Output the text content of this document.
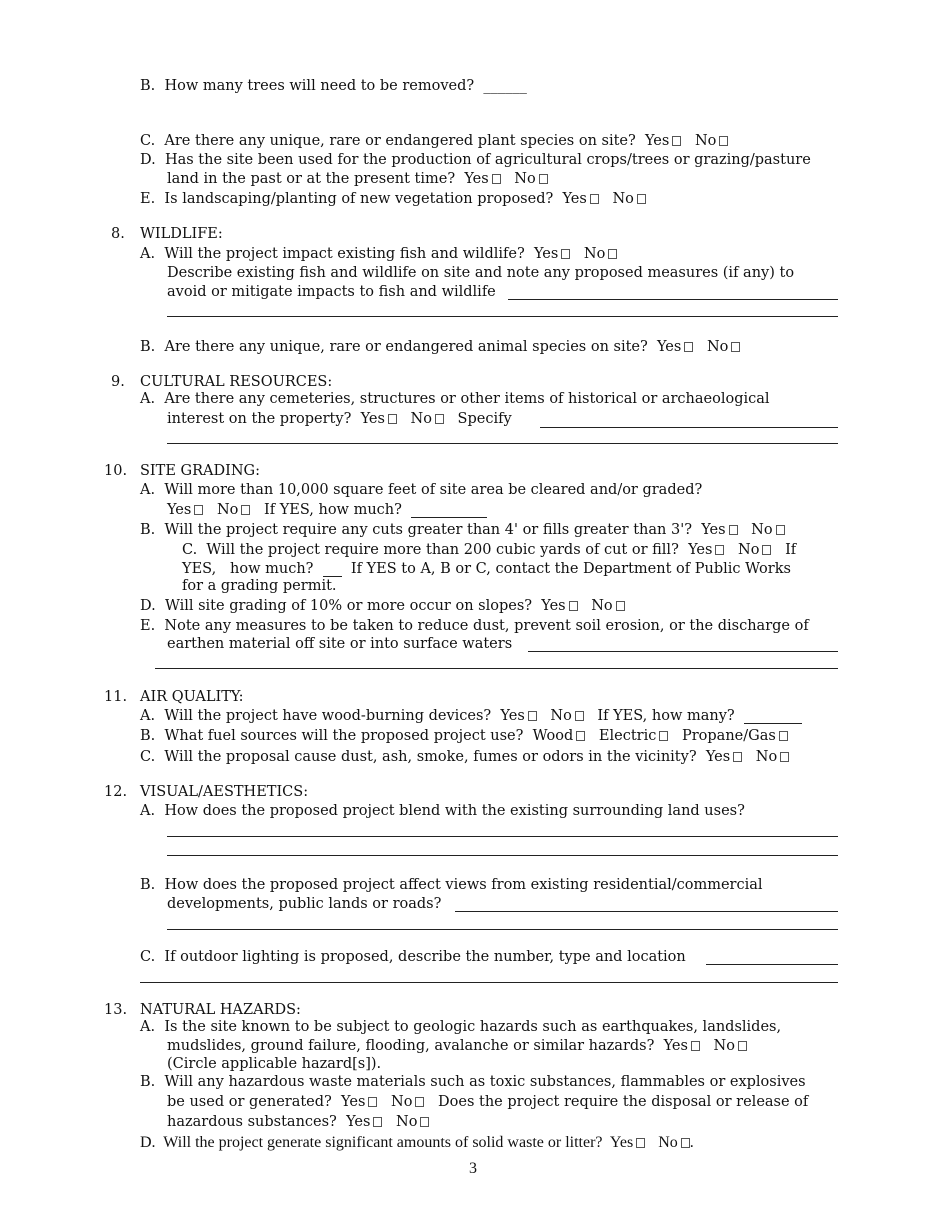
B. How many trees will need to be removed? ______
C. Are there any unique, rare or endangered plant species on site? Yes No
D. Has the site been used for the production of agricultural crops/trees or grazing/pasture
land in the past or at the present time? Yes No
E. Is landscaping/planting of new vegetation proposed? Yes No
8. WILDLIFE:
A. Will the project impact existing fish and wildlife? Yes No
Describe existing fish and wildlife on site and note any proposed measures (if any) to
avoid or mitigate impacts to fish and wildlife
B. Are there any unique, rare or endangered animal species on site? Yes No
9. CULTURAL RESOURCES:
A. Are there any cemeteries, structures or other items of historical or archaeological
interest on the property? Yes No Specify
10. SITE GRADING:
A. Will more than 10,000 square feet of site area be cleared and/or graded?
Yes No If YES, how much?
B. Will the project require any cuts greater than 4' or fills greater than 3'? Yes No
C. Will the project require more than 200 cubic yards of cut or fill? Yes No If
YES, how much?	If YES to A, B or C, contact the Department of Public Works
for a grading permit.
D. Will site grading of 10% or more occur on slopes? Yes No
E. Note any measures to be taken to reduce dust, prevent soil erosion, or the discharge of
earthen material off site or into surface waters
11. AIR QUALITY:
A. Will the project have wood-burning devices? Yes No If YES, how many?
B. What fuel sources will the proposed project use? Wood Electric Propane/Gas
C. Will the proposal cause dust, ash, smoke, fumes or odors in the vicinity? Yes No
12. VISUAL/AESTHETICS:
A. How does the proposed project blend with the existing surrounding land uses?
B. How does the proposed project affect views from existing residential/commercial
developments, public lands or roads?
C. If outdoor lighting is proposed, describe the number, type and location
13. NATURAL HAZARDS:
A. Is the site known to be subject to geologic hazards such as earthquakes, landslides,
mudslides, ground failure, flooding, avalanche or similar hazards? Yes No
(Circle applicable hazard[s]).
B. Will any hazardous waste materials such as toxic substances, flammables or explosives
be used or generated? Yes No Does the project require the disposal or release of
hazardous substances? Yes No
D. Will the project generate significant amounts of solid waste or litter? Yes No .
3
